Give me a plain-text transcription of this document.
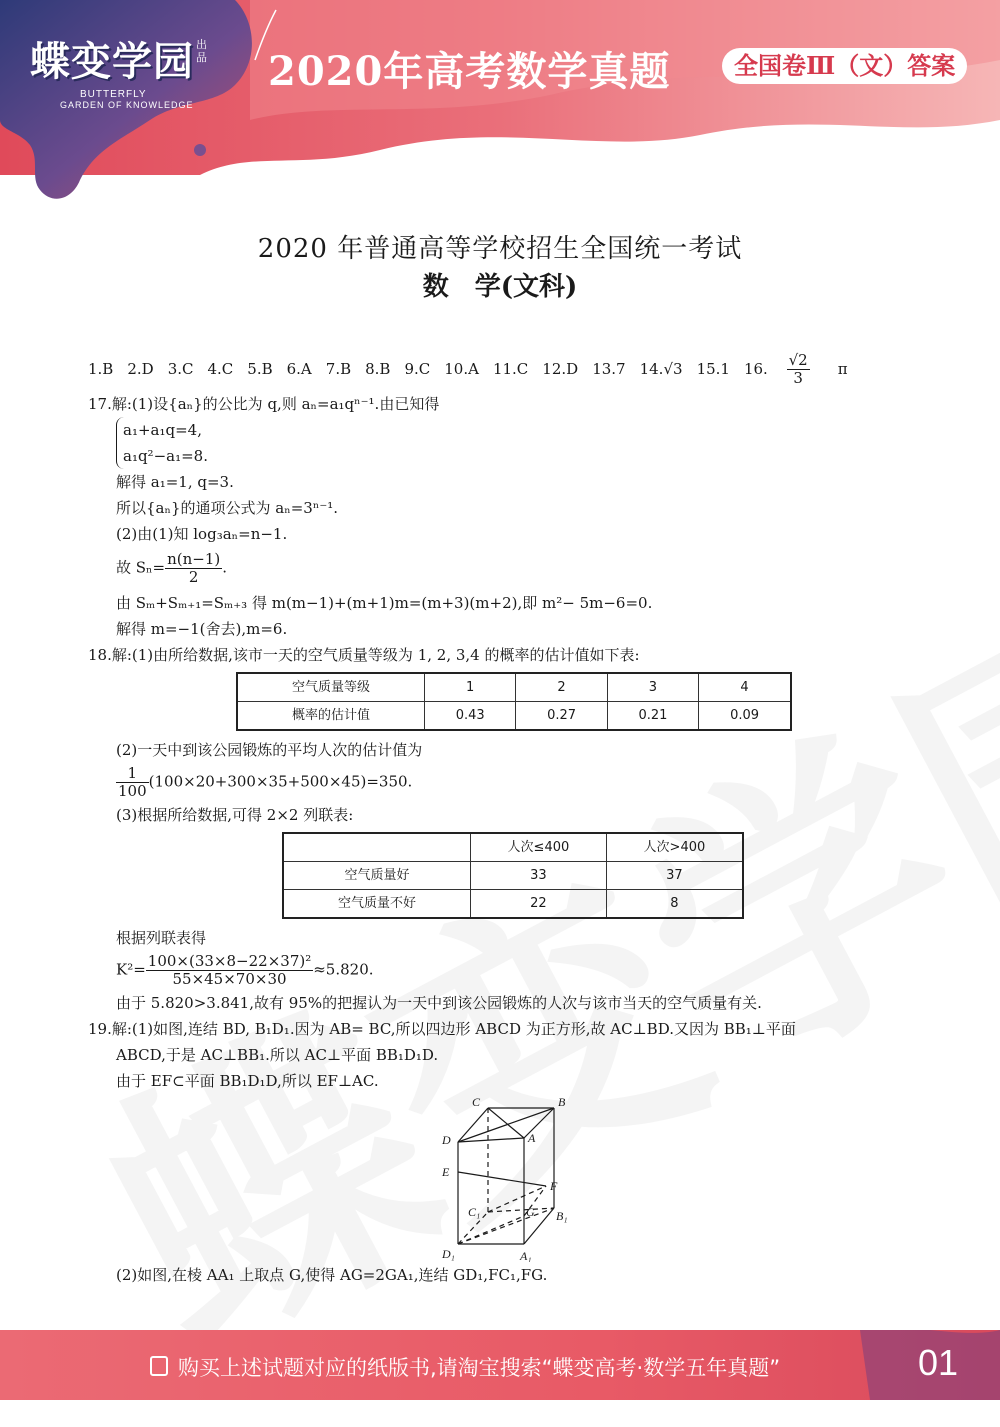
蝶变学园 出品
BUTTERFLY
GARDEN OF KNOWLEDGE
2020年高考数学真题	全国卷Ⅲ（文）答案
2020 年普通高等学校招生全国统一考试
数　学(文科)
1.B 2.D 3.C 4.C 5.B 6.A 7.B 8.B 9.C 10.A 11.C 12.D 13.7 14.√3 15.1 16. $\frac{√2}{3}$ π
17.解:(1)设{aₙ}的公比为 q,则 aₙ=a₁qⁿ⁻¹.由已知得
a₁+a₁q=4,
a₁q²−a₁=8.
解得 a₁=1, q=3.
所以{aₙ}的通项公式为 aₙ=3ⁿ⁻¹.
(2)由(1)知 log₃aₙ=n−1.
故 $S_n= \frac{n(n-1)}{2}$ .
由 Sₘ+Sₘ₊₁=Sₘ₊₃ 得 m(m−1)+(m+1)m=(m+3)(m+2),即 m²− 5m−6=0.
解得 m=−1(舍去),m=6.
18.解:(1)由所给数据,该市一天的空气质量等级为 1, 2, 3,4 的概率的估计值如下表:
空气质量等级	1	2	3	4
概率的估计值	0.43	0.27	0.21	0.09
(2)一天中到该公园锻炼的平均人次的估计值为
$\frac{1}{100} (100\times 20+300\times 35+500\times 45)=350$.
(3)根据所给数据,可得 2×2 列联表:
	人次≤400	人次>400
空气质量好	33	37
空气质量不好	22	8
根据列联表得
$K^2= \frac{\text{100×(33×8−22×37)²}}{55\times 45\times 70\times 30} \approx 5.820$.
由于 5.820>3.841,故有 95%的把握认为一天中到该公园锻炼的人次与该市当天的空气质量有关.
19.解:(1)如图,连结 BD, B₁D₁.因为 AB= BC,所以四边形 ABCD 为正方形,故 AC⊥BD.又因为 BB₁⊥平面
ABCD,于是 AC⊥BB₁.所以 AC⊥平面 BB₁D₁D.
由于 EF⊂平面 BB₁D₁D,所以 EF⊥AC.
C	B
D	A
E
F
C₁	G B₁
D₁	A₁
(2)如图,在棱 AA₁ 上取点 G,使得 AG=2GA₁,连结 GD₁,FC₁,FG.
购买上述试题对应的纸版书,请淘宝搜索“蝶变高考·数学五年真题”	01
